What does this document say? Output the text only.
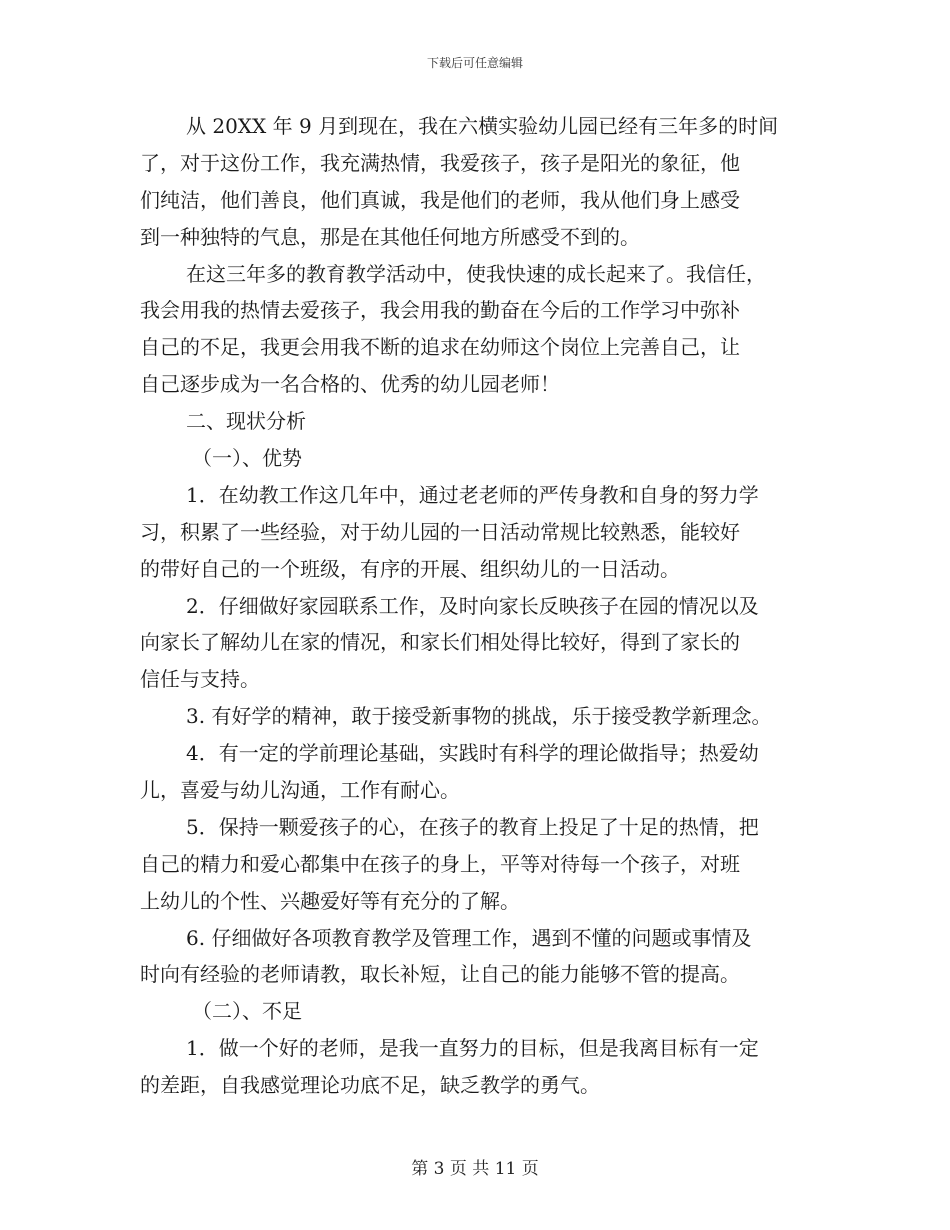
下载后可任意编辑
从 20XX 年 9 月到现在，我在六横实验幼儿园已经有三年多的时间
了，对于这份工作，我充满热情，我爱孩子，孩子是阳光的象征，他
们纯洁，他们善良，他们真诚，我是他们的老师，我从他们身上感受
到一种独特的气息，那是在其他任何地方所感受不到的。
在这三年多的教育教学活动中，使我快速的成长起来了。我信任，
我会用我的热情去爱孩子，我会用我的勤奋在今后的工作学习中弥补
自己的不足，我更会用我不断的追求在幼师这个岗位上完善自己，让
自己逐步成为一名合格的、优秀的幼儿园老师！
二、现状分析
（一）、优势
1．在幼教工作这几年中，通过老老师的严传身教和自身的努力学
习，积累了一些经验，对于幼儿园的一日活动常规比较熟悉，能较好
的带好自己的一个班级，有序的开展、组织幼儿的一日活动。
2．仔细做好家园联系工作，及时向家长反映孩子在园的情况以及
向家长了解幼儿在家的情况，和家长们相处得比较好，得到了家长的
信任与支持。
3. 有好学的精神，敢于接受新事物的挑战，乐于接受教学新理念。
4．有一定的学前理论基础，实践时有科学的理论做指导；热爱幼
儿，喜爱与幼儿沟通，工作有耐心。
5．保持一颗爱孩子的心，在孩子的教育上投足了十足的热情，把
自己的精力和爱心都集中在孩子的身上，平等对待每一个孩子，对班
上幼儿的个性、兴趣爱好等有充分的了解。
6. 仔细做好各项教育教学及管理工作，遇到不懂的问题或事情及
时向有经验的老师请教，取长补短，让自己的能力能够不管的提高。
（二）、不足
1．做一个好的老师，是我一直努力的目标，但是我离目标有一定
的差距，自我感觉理论功底不足，缺乏教学的勇气。
第 3 页 共 11 页
